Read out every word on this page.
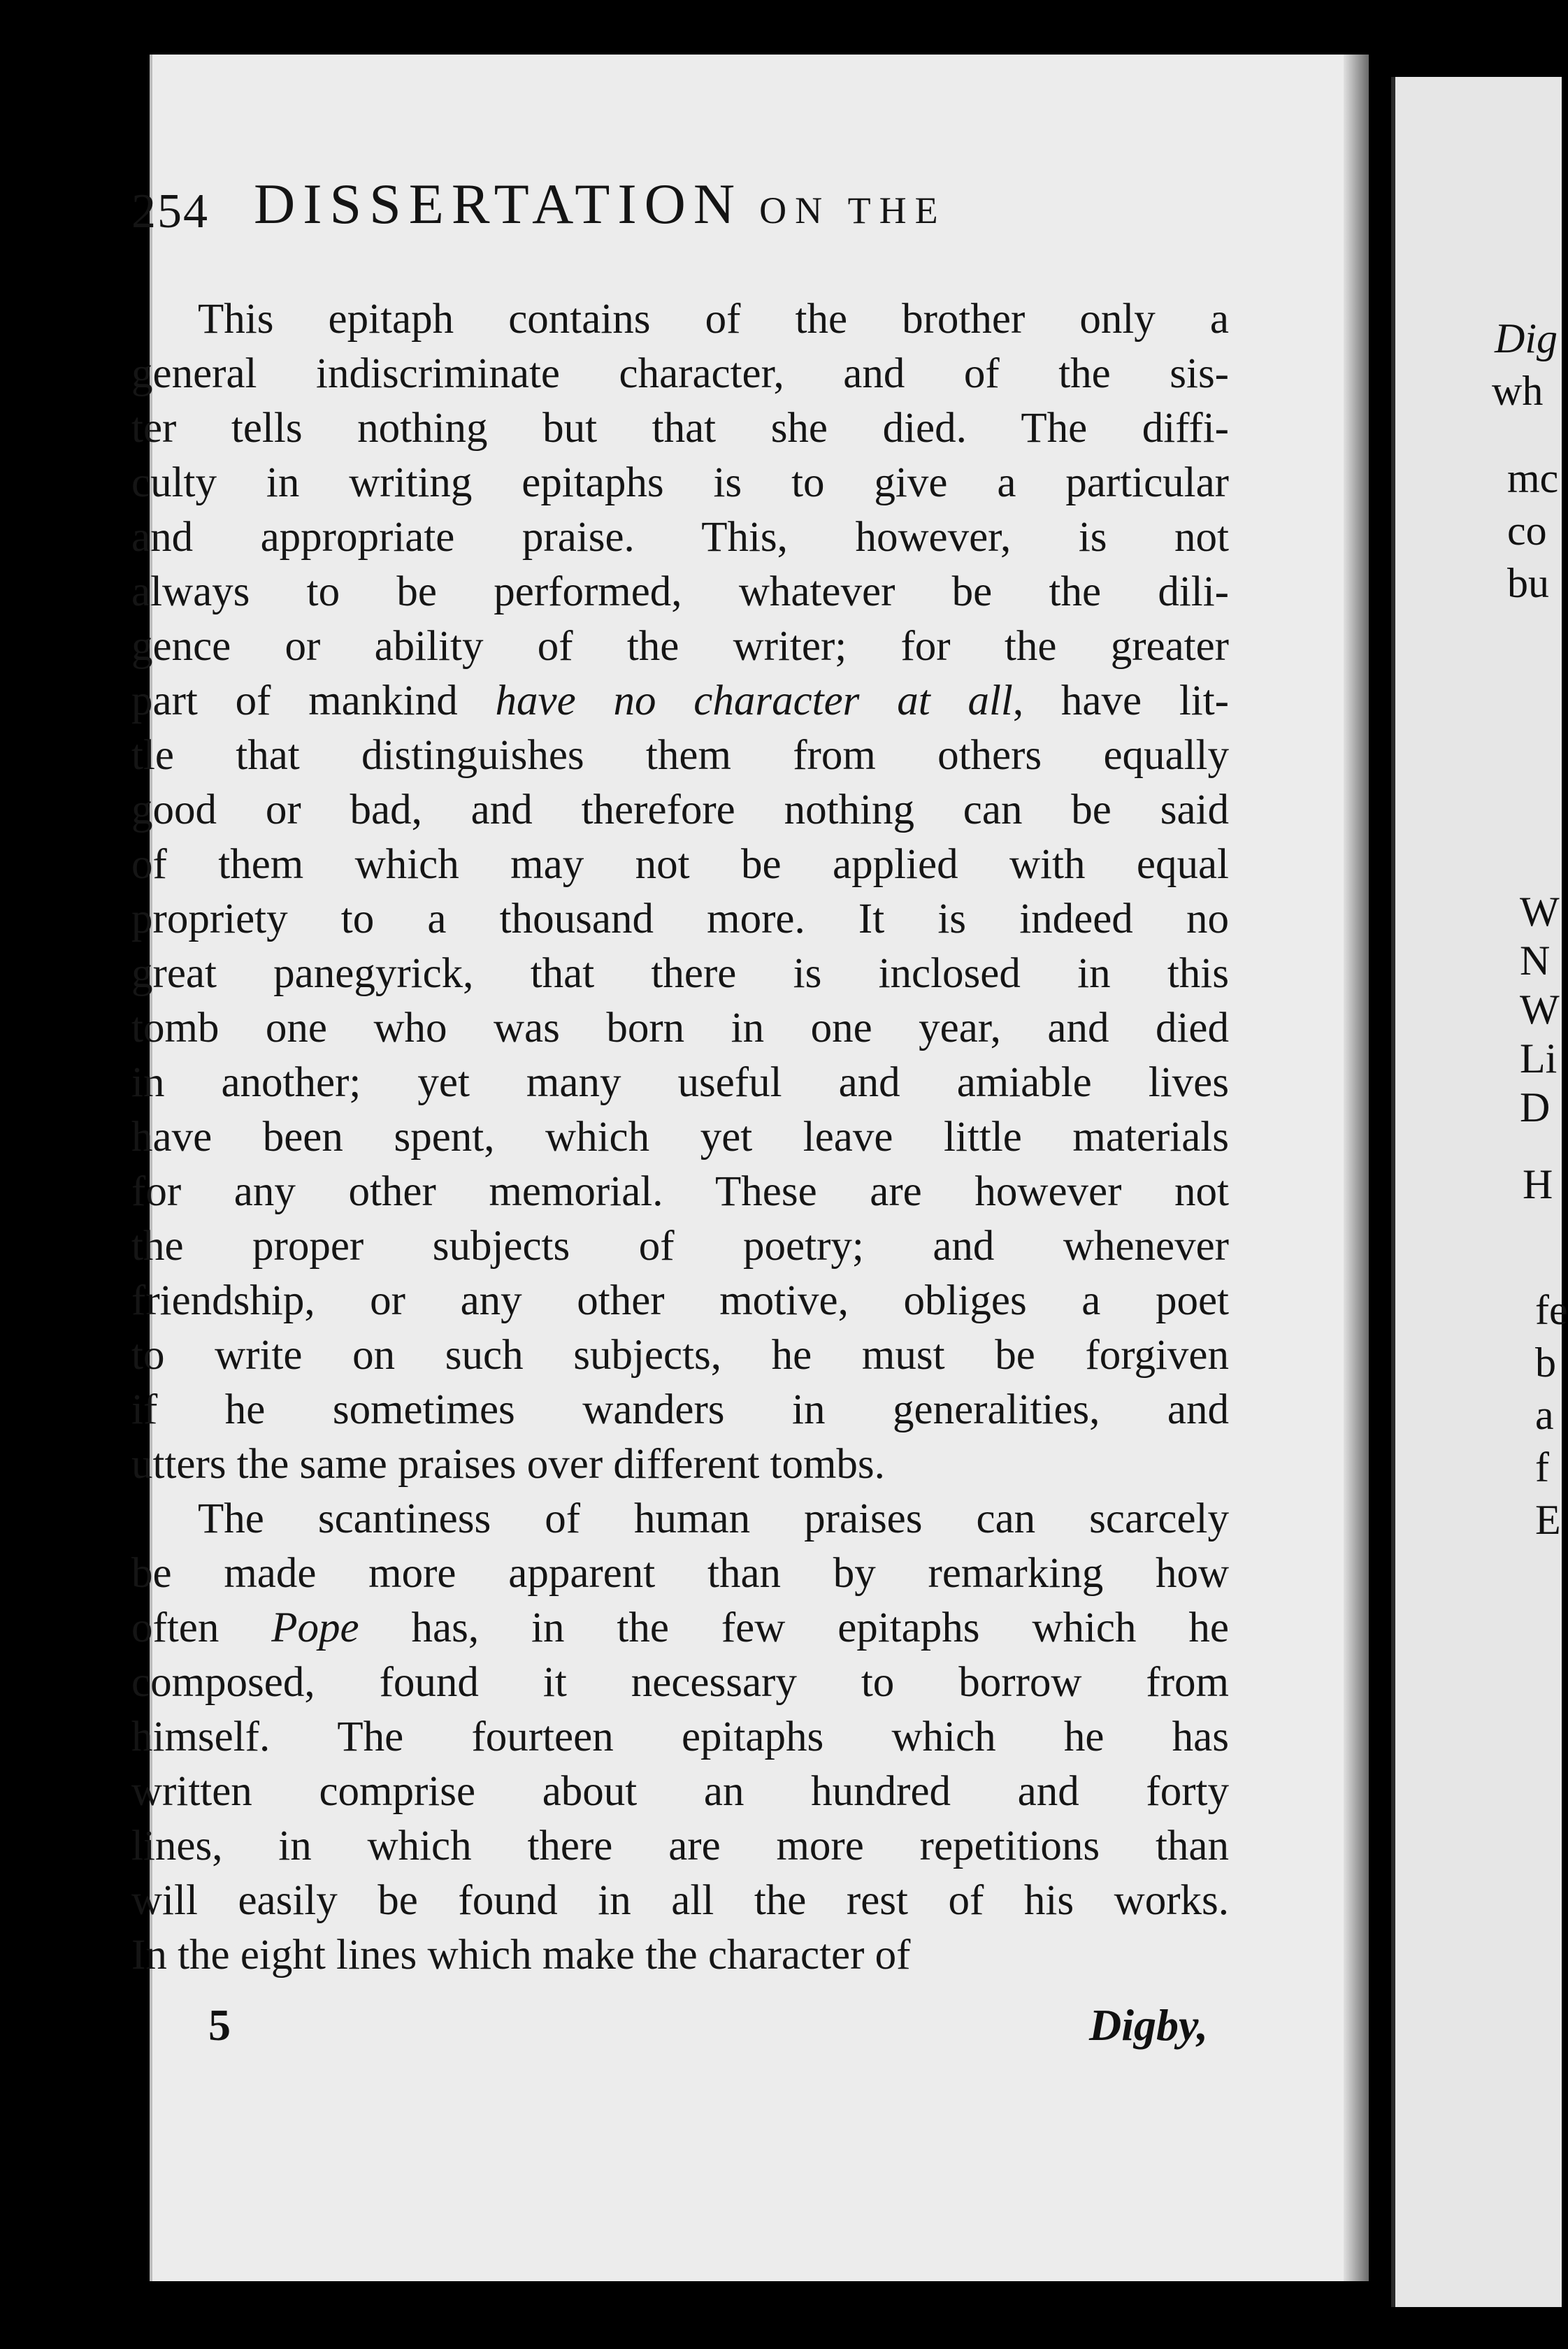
254 DISSERTATION ON THE
This epitaph contains of the brother only a
general indiscriminate character, and of the sis-
ter tells nothing but that she died. The diffi-
culty in writing epitaphs is to give a particular
and appropriate praise. This, however, is not
always to be performed, whatever be the dili-
gence or ability of the writer; for the greater
part of mankind have no character at all, have lit-
tle that distinguishes them from others equally
good or bad, and therefore nothing can be said
of them which may not be applied with equal
propriety to a thousand more. It is indeed no
great panegyrick, that there is inclosed in this
tomb one who was born in one year, and died
in another; yet many useful and amiable lives
have been spent, which yet leave little materials
for any other memorial. These are however not
the proper subjects of poetry; and whenever
friendship, or any other motive, obliges a poet
to write on such subjects, he must be forgiven
if he sometimes wanders in generalities, and
utters the same praises over different tombs.
The scantiness of human praises can scarcely
be made more apparent than by remarking how
often Pope has, in the few epitaphs which he
composed, found it necessary to borrow from
himself. The fourteen epitaphs which he has
written comprise about an hundred and forty
lines, in which there are more repetitions than
will easily be found in all the rest of his works.
In the eight lines which make the character of
5	Digby,
Dig
wh
mc
co
bu
W
N
W
Li
D
H
fe
b
a
f
E
